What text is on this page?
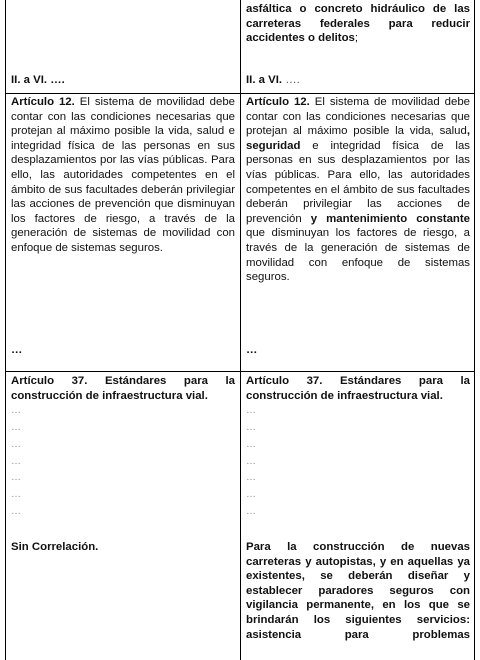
asfáltica o concreto hidráulico de las carreteras federales para reducir accidentes o delitos;

II. a VI. ….	II. a VI. ….

Artículo 12. El sistema de movilidad debe contar con las condiciones necesarias que protejan al máximo posible la vida, salud e integridad física de las personas en sus desplazamientos por las vías públicas. Para ello, las autoridades competentes en el ámbito de sus facultades deberán privilegiar las acciones de prevención que disminuyan los factores de riesgo, a través de la generación de sistemas de movilidad con enfoque de sistemas seguros.

…

Artículo 12. El sistema de movilidad debe contar con las condiciones necesarias que protejan al máximo posible la vida, salud, seguridad e integridad física de las personas en sus desplazamientos por las vías públicas. Para ello, las autoridades competentes en el ámbito de sus facultades deberán privilegiar las acciones de prevención y mantenimiento constante que disminuyan los factores de riesgo, a través de la generación de sistemas de movilidad con enfoque de sistemas seguros.

…

Artículo 37. Estándares para la construcción de infraestructura vial.

…
…
…
…
…
…
…
Sin Correlación.

Artículo 37. Estándares para la construcción de infraestructura vial.

…
…
…
…
…
…
…

Para la construcción de nuevas carreteras y autopistas, y en aquellas ya existentes, se deberán diseñar y establecer paradores seguros con vigilancia permanente, en los que se brindarán los siguientes servicios: asistencia para problemas
